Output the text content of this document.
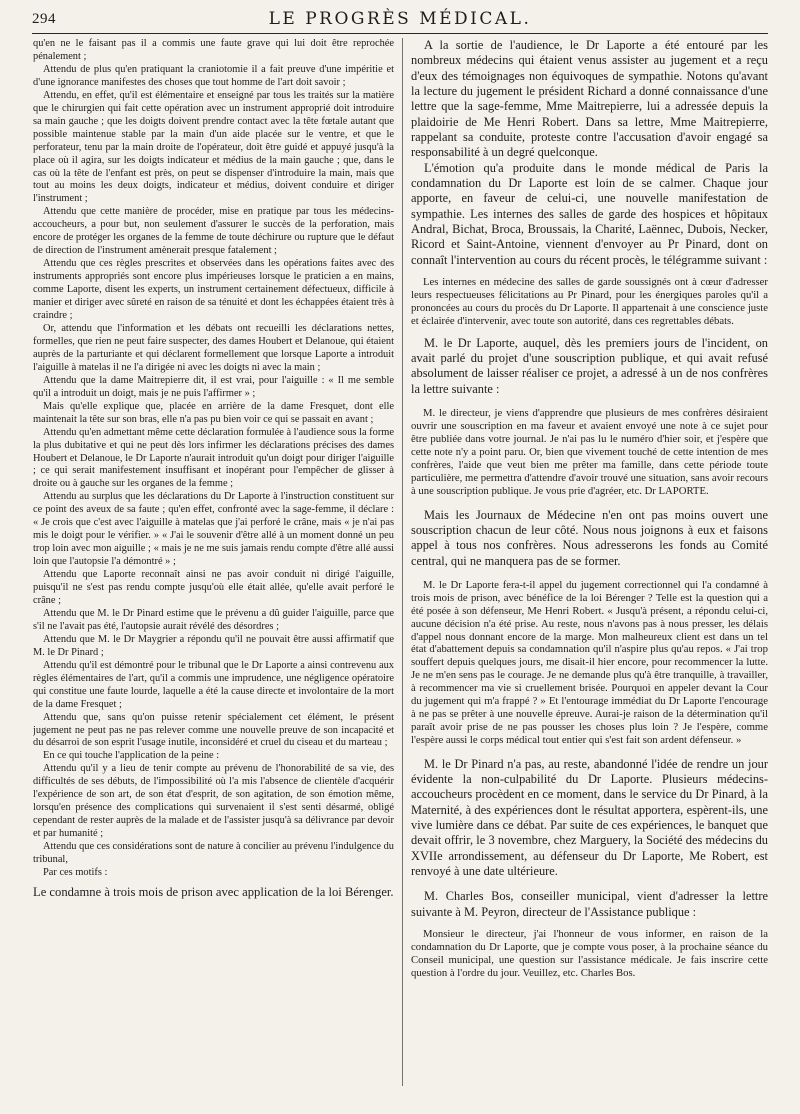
294	LE PROGRÈS MÉDICAL.

qu'en ne le faisant pas il a commis une faute grave qui lui doit être reprochée pénalement ;

Attendu de plus qu'en pratiquant la craniotomie il a fait preuve d'une impéritie et d'une ignorance manifestes des choses que tout homme de l'art doit savoir ;

Attendu, en effet, qu'il est élémentaire et enseigné par tous les traités sur la matière que le chirurgien qui fait cette opération avec un instrument approprié doit introduire sa main gauche ; que les doigts doivent prendre contact avec la tête fœtale autant que possible maintenue stable par la main d'un aide placée sur le ventre, et que le perforateur, tenu par la main droite de l'opérateur, doit être guidé et appuyé jusqu'à la place où il agira, sur les doigts indicateur et médius de la main gauche ; que, dans le cas où la tête de l'enfant est près, on peut se dispenser d'introduire la main, mais que tout au moins les deux doigts, indicateur et médius, doivent conduire et diriger l'instrument ;

Attendu que cette manière de procéder, mise en pratique par tous les médecins-accoucheurs, a pour but, non seulement d'assurer le succès de la perforation, mais encore de protéger les organes de la femme de toute déchirure ou rupture que le défaut de direction de l'instrument amènerait presque fatalement ;

Attendu que ces règles prescrites et observées dans les opérations faites avec des instruments appropriés sont encore plus impérieuses lorsque le praticien a en mains, comme Laporte, disent les experts, un instrument certainement défectueux, difficile à manier et diriger avec sûreté en raison de sa ténuité et dont les échappées étaient très à craindre ;

Or, attendu que l'information et les débats ont recueilli les déclarations nettes, formelles, que rien ne peut faire suspecter, des dames Houbert et Delanoue, qui étaient auprès de la parturiante et qui déclarent formellement que lorsque Laporte a introduit l'aiguille à matelas il ne l'a dirigée ni avec les doigts ni avec la main ;

Attendu que la dame Maitrepierre dit, il est vrai, pour l'aiguille : « Il me semble qu'il a introduit un doigt, mais je ne puis l'affirmer » ;

Mais qu'elle explique que, placée en arrière de la dame Fresquet, dont elle maintenait la tête sur son bras, elle n'a pas pu bien voir ce qui se passait en avant ;

Attendu qu'en admettant même cette déclaration formulée à l'audience sous la forme la plus dubitative et qui ne peut dès lors infirmer les déclarations précises des dames Houbert et Delanoue, le Dr Laporte n'aurait introduit qu'un doigt pour diriger l'aiguille ; ce qui serait manifestement insuffisant et inopérant pour l'empêcher de glisser à droite ou à gauche sur les organes de la femme ;

Attendu au surplus que les déclarations du Dr Laporte à l'instruction constituent sur ce point des aveux de sa faute ; qu'en effet, confronté avec la sage-femme, il déclare : « Je crois que c'est avec l'aiguille à matelas que j'ai perforé le crâne, mais « je n'ai pas mis le doigt pour le vérifier. » « J'ai le souvenir d'être allé à un moment donné un peu trop loin avec mon aiguille ; « mais je ne me suis jamais rendu compte d'être allé aussi loin que l'autopsie l'a démontré » ;

Attendu que Laporte reconnaît ainsi ne pas avoir conduit ni dirigé l'aiguille, puisqu'il ne s'est pas rendu compte jusqu'où elle était allée, qu'elle avait perforé le crâne ;

Attendu que M. le Dr Pinard estime que le prévenu a dû guider l'aiguille, parce que s'il ne l'avait pas été, l'autopsie aurait révélé des désordres ;

Attendu que M. le Dr Maygrier a répondu qu'il ne pouvait être aussi affirmatif que M. le Dr Pinard ;

Attendu qu'il est démontré pour le tribunal que le Dr Laporte a ainsi contrevenu aux règles élémentaires de l'art, qu'il a commis une imprudence, une négligence opératoire qui constitue une faute lourde, laquelle a été la cause directe et involontaire de la mort de la dame Fresquet ;

Attendu que, sans qu'on puisse retenir spécialement cet élément, le présent jugement ne peut pas ne pas relever comme une nouvelle preuve de son incapacité et du désarroi de son esprit l'usage inutile, inconsidéré et cruel du ciseau et du marteau ;

En ce qui touche l'application de la peine :

Attendu qu'il y a lieu de tenir compte au prévenu de l'honorabilité de sa vie, des difficultés de ses débuts, de l'impossibilité où l'a mis l'absence de clientèle d'acquérir l'expérience de son art, de son état d'esprit, de son agitation, de son émotion même, lorsqu'en présence des complications qui survenaient il s'est senti désarmé, obligé cependant de rester auprès de la malade et de l'assister jusqu'à sa délivrance par devoir et par humanité ;

Attendu que ces considérations sont de nature à concilier au prévenu l'indulgence du tribunal,

Par ces motifs :

Le condamne à trois mois de prison avec application de la loi Bérenger.

A la sortie de l'audience, le Dr Laporte a été entouré par les nombreux médecins qui étaient venus assister au jugement et a reçu d'eux des témoignages non équivoques de sympathie. Notons qu'avant la lecture du jugement le président Richard a donné connaissance d'une lettre que la sage-femme, Mme Maitrepierre, lui a adressée depuis la plaidoirie de Me Henri Robert. Dans sa lettre, Mme Maitrepierre, rappelant sa conduite, proteste contre l'accusation d'avoir engagé sa responsabilité à un degré quelconque.

L'émotion qu'a produite dans le monde médical de Paris la condamnation du Dr Laporte est loin de se calmer. Chaque jour apporte, en faveur de celui-ci, une nouvelle manifestation de sympathie. Les internes des salles de garde des hospices et hôpitaux Andral, Bichat, Broca, Broussais, la Charité, Laënnec, Dubois, Necker, Ricord et Saint-Antoine, viennent d'envoyer au Pr Pinard, dont on connaît l'intervention au cours du récent procès, le télégramme suivant :

Les internes en médecine des salles de garde soussignés ont à cœur d'adresser leurs respectueuses félicitations au Pr Pinard, pour les énergiques paroles qu'il a prononcées au cours du procès du Dr Laporte. Il appartenait à une conscience juste et éclairée d'intervenir, avec toute son autorité, dans ces regrettables débats.

M. le Dr Laporte, auquel, dès les premiers jours de l'incident, on avait parlé du projet d'une souscription publique, et qui avait refusé absolument de laisser réaliser ce projet, a adressé à un de nos confrères la lettre suivante :

M. le directeur, je viens d'apprendre que plusieurs de mes confrères désiraient ouvrir une souscription en ma faveur et avaient envoyé une note à ce sujet pour être publiée dans votre journal. Je n'ai pas lu le numéro d'hier soir, et j'espère que cette note n'y a point paru. Or, bien que vivement touché de cette intention de mes confrères, l'aide que veut bien me prêter ma famille, dans cette période toute particulière, me permettra d'attendre d'avoir trouvé une situation, sans avoir recours à une souscription publique. Je vous prie d'agréer, etc. Dr LAPORTE.

Mais les Journaux de Médecine n'en ont pas moins ouvert une souscription chacun de leur côté. Nous nous joignons à eux et faisons appel à tous nos confrères. Nous adresserons les fonds au Comité central, qui ne manquera pas de se former.

M. le Dr Laporte fera-t-il appel du jugement correctionnel qui l'a condamné à trois mois de prison, avec bénéfice de la loi Bérenger ? Telle est la question qui a été posée à son défenseur, Me Henri Robert. « Jusqu'à présent, a répondu celui-ci, aucune décision n'a été prise. Au reste, nous n'avons pas à nous presser, les délais d'appel nous donnant encore de la marge. Mon malheureux client est dans un tel état d'abattement depuis sa condamnation qu'il n'aspire plus qu'au repos. « J'ai trop souffert depuis quelques jours, me disait-il hier encore, pour recommencer la lutte. Je ne m'en sens pas le courage. Je ne demande plus qu'à être tranquille, à travailler, à recommencer ma vie si cruellement brisée. Pourquoi en appeler devant la Cour du jugement qui m'a frappé ? » Et l'entourage immédiat du Dr Laporte l'encourage à ne pas se prêter à une nouvelle épreuve. Aurai-je raison de la détermination qu'il paraît avoir prise de ne pas pousser les choses plus loin ? Je l'espère, comme l'espère aussi le corps médical tout entier qui s'est fait son ardent défenseur. »

M. le Dr Pinard n'a pas, au reste, abandonné l'idée de rendre un jour évidente la non-culpabilité du Dr Laporte. Plusieurs médecins-accoucheurs procèdent en ce moment, dans le service du Dr Pinard, à la Maternité, à des expériences dont le résultat apportera, espèrent-ils, une vive lumière dans ce débat. Par suite de ces expériences, le banquet que devait offrir, le 3 novembre, chez Marguery, la Société des médecins du XVIIe arrondissement, au défenseur du Dr Laporte, Me Robert, est renvoyé à une date ultérieure.

M. Charles Bos, conseiller municipal, vient d'adresser la lettre suivante à M. Peyron, directeur de l'Assistance publique :

Monsieur le directeur, j'ai l'honneur de vous informer, en raison de la condamnation du Dr Laporte, que je compte vous poser, à la prochaine séance du Conseil municipal, une question sur l'assistance médicale. Je fais inscrire cette question à l'ordre du jour. Veuillez, etc. Charles Bos.
